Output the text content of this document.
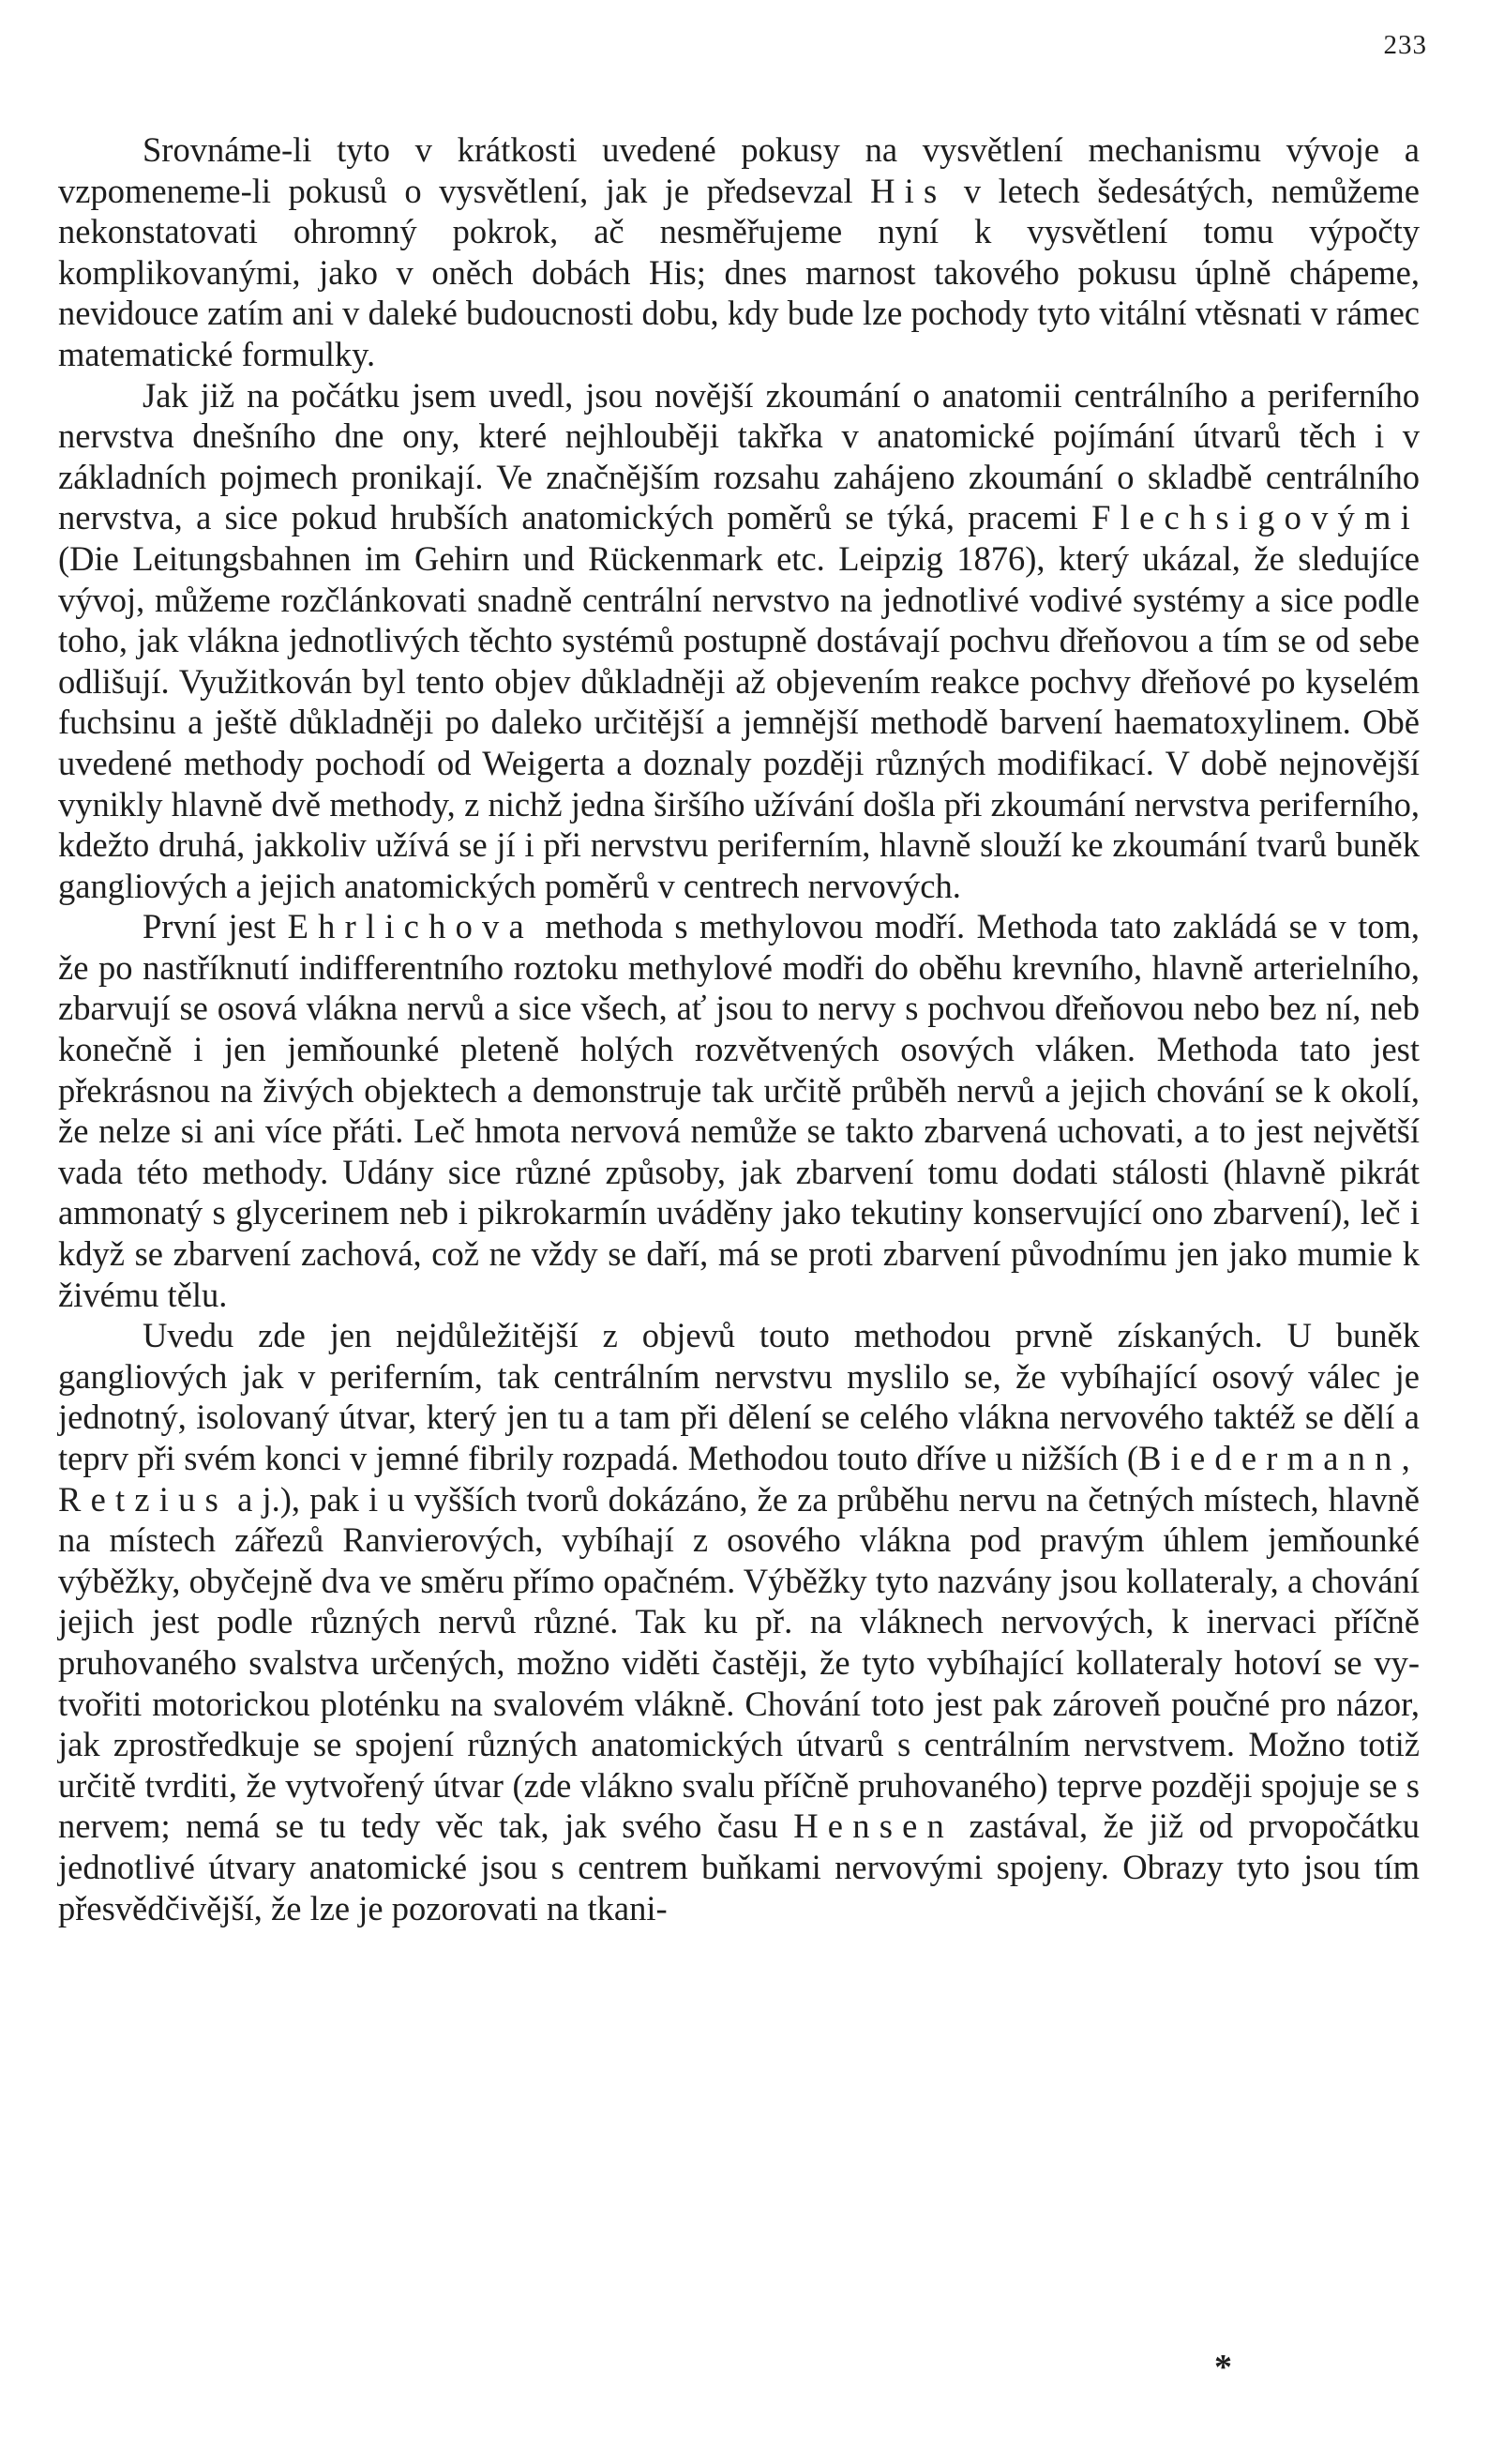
233

Srovnáme-li tyto v krátkosti uvedené pokusy na vysvětlení mechanismu vývoje a vzpomeneme-li pokusů o vysvětlení, jak je předsevzal His v letech šedesátých, nemůžeme nekonstatovati ohromný pokrok, ač nesměřujeme nyní k vysvětlení tomu výpočty komplikovanými, jako v oněch dobách His; dnes marnost takového pokusu úplně chápeme, nevidouce zatím ani v daleké budoucnosti dobu, kdy bude lze pochody tyto vitální vtěsnati v rámec matematické formulky.

Jak již na počátku jsem uvedl, jsou novější zkoumání o anatomii centrálního a periferního nervstva dnešního dne ony, které nejhlouběji takřka v anatomické pojímání útvarů těch i v základních pojmech pronikají. Ve značnějším rozsahu zahájeno zkoumání o skladbě centrálního nervstva, a sice pokud hrubších anatomických poměrů se týká, pracemi Flechsigovými (Die Leitungsbahnen im Gehirn und Rückenmark etc. Leipzig 1876), který ukázal, že sledujíce vývoj, můžeme rozčlánkovati snadně centrální nervstvo na jednotlivé vodivé systémy a sice podle toho, jak vlákna jednotlivých těchto systémů postupně dostávají pochvu dřeňovou a tím se od sebe odlišují. Využitkován byl tento objev důkladněji až objevením reakce pochvy dřeňové po kyselém fuchsinu a ještě důkladněji po daleko určitější a jemnější methodě barvení haematoxylinem. Obě uvedené methody pochodí od Weigerta a doznaly později různých modifikací. V době nejnovější vynikly hlavně dvě methody, z nichž jedna širšího užívání došla při zkoumání nervstva periferního, kdežto druhá, jakkoliv užívá se jí i při nervstvu periferním, hlavně slouží ke zkoumání tvarů buněk gangliových a jejich anatomických poměrů v centrech nervových.

První jest Ehrlichova methoda s methylovou modří. Methoda tato zakládá se v tom, že po nastříknutí indifferentního roztoku methylové modři do oběhu krevního, hlavně arterielního, zbarvují se osová vlákna nervů a sice všech, ať jsou to nervy s pochvou dřeňovou nebo bez ní, neb konečně i jen jemňounké pleteně holých rozvětvených osových vláken. Methoda tato jest překrásnou na živých objektech a demonstruje tak určitě průběh nervů a jejich chování se k okolí, že nelze si ani více přáti. Leč hmota nervová nemůže se takto zbarvená uchovati, a to jest největší vada této methody. Udány sice různé způsoby, jak zbarvení tomu dodati stálosti (hlavně pikrát ammonatý s glycerinem neb i pikrokarmín uváděny jako tekutiny konservující ono zbarvení), leč i když se zbarvení zachová, což ne vždy se daří, má se proti zbarvení původnímu jen jako mumie k živému tělu.

Uvedu zde jen nejdůležitější z objevů touto methodou prvně získaných. U buněk gangliových jak v periferním, tak centrálním nervstvu myslilo se, že vybíhající osový válec je jednotný, isolovaný útvar, který jen tu a tam při dělení se celého vlákna nervového taktéž se dělí a teprv při svém konci v jemné fibrily rozpadá. Methodou touto dříve u nižších (Biedermann, Retzius a j.), pak i u vyšších tvorů dokázáno, že za průběhu nervu na četných místech, hlavně na místech zářezů Ranvierových, vybíhají z osového vlákna pod pravým úhlem jemňounké výběžky, obyčejně dva ve směru přímo opačném. Výběžky tyto nazvány jsou kollateraly, a chování jejich jest podle různých nervů různé. Tak ku př. na vláknech nervových, k inervaci příčně pruhovaného svalstva určených, možno viděti častěji, že tyto vybíhající kollateraly hotoví se vytvořiti motorickou ploténku na svalovém vlákně. Chování toto jest pak zároveň poučné pro názor, jak zprostředkuje se spojení různých anatomických útvarů s centrálním nervstvem. Možno totiž určitě tvrditi, že vytvořený útvar (zde vlákno svalu příčně pruhovaného) teprve později spojuje se s nervem; nemá se tu tedy věc tak, jak svého času Hensen zastával, že již od prvopočátku jednotlivé útvary anatomické jsou s centrem buňkami nervovými spojeny. Obrazy tyto jsou tím přesvědčivější, že lze je pozorovati na tkani-

*
